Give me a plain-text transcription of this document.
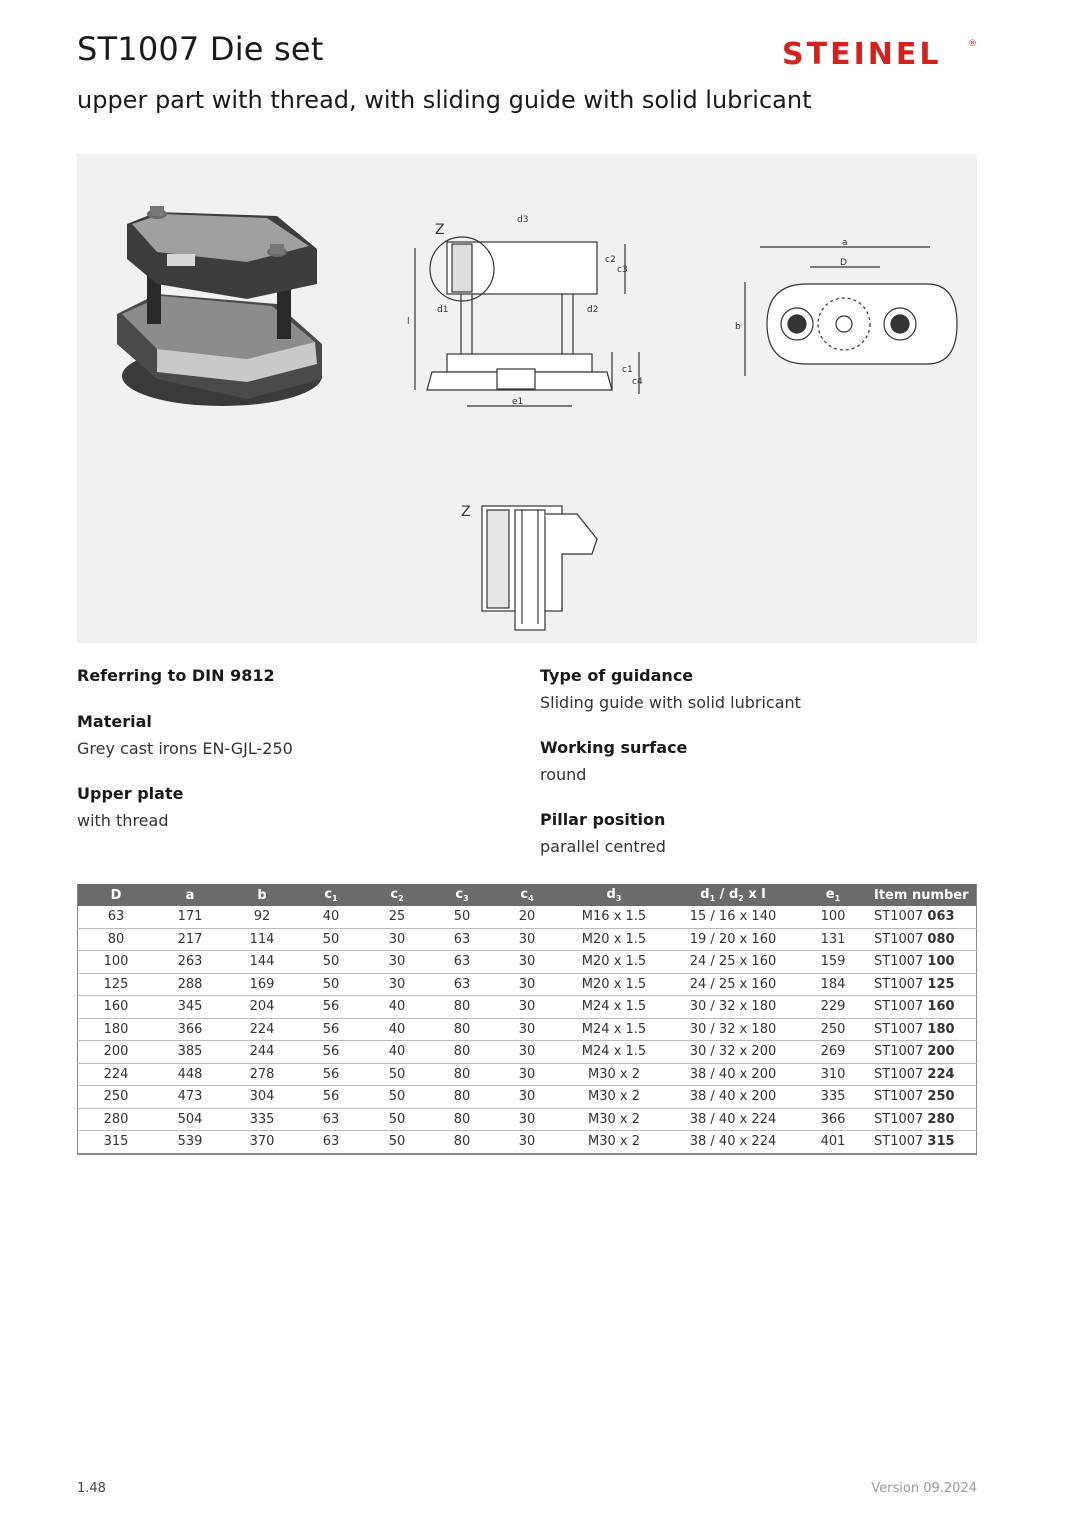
ST1007 Die set
upper part with thread, with sliding guide with solid lubricant
STEINEL	®
Z
l
d3
c2
c3
d1	d2
c1
c4
e1
a
D
b
Z
Referring to DIN 9812
Material
Grey cast irons EN-GJL-250
Upper plate
with thread
Type of guidance
Sliding guide with solid lubricant
Working surface
round
Pillar position
parallel centred
D	a	b	$c_1$	$c_2$	$c_3$	$c_4$	$d_3$	$d_1 / d_2$ x l	$e_1$	Item number
63	171	92	40	25	50	20	M16 x 1.5	15 / 16 x 140	100	ST1007 063
80	217	114	50	30	63	30	M20 x 1.5	19 / 20 x 160	131	ST1007 080
100	263	144	50	30	63	30	M20 x 1.5	24 / 25 x 160	159	ST1007 100
125	288	169	50	30	63	30	M20 x 1.5	24 / 25 x 160	184	ST1007 125
160	345	204	56	40	80	30	M24 x 1.5	30 / 32 x 180	229	ST1007 160
180	366	224	56	40	80	30	M24 x 1.5	30 / 32 x 180	250	ST1007 180
200	385	244	56	40	80	30	M24 x 1.5	30 / 32 x 200	269	ST1007 200
224	448	278	56	50	80	30	M30 x 2	38 / 40 x 200	310	ST1007 224
250	473	304	56	50	80	30	M30 x 2	38 / 40 x 200	335	ST1007 250
280	504	335	63	50	80	30	M30 x 2	38 / 40 x 224	366	ST1007 280
315	539	370	63	50	80	30	M30 x 2	38 / 40 x 224	401	ST1007 315
1.48	Version 09.2024
